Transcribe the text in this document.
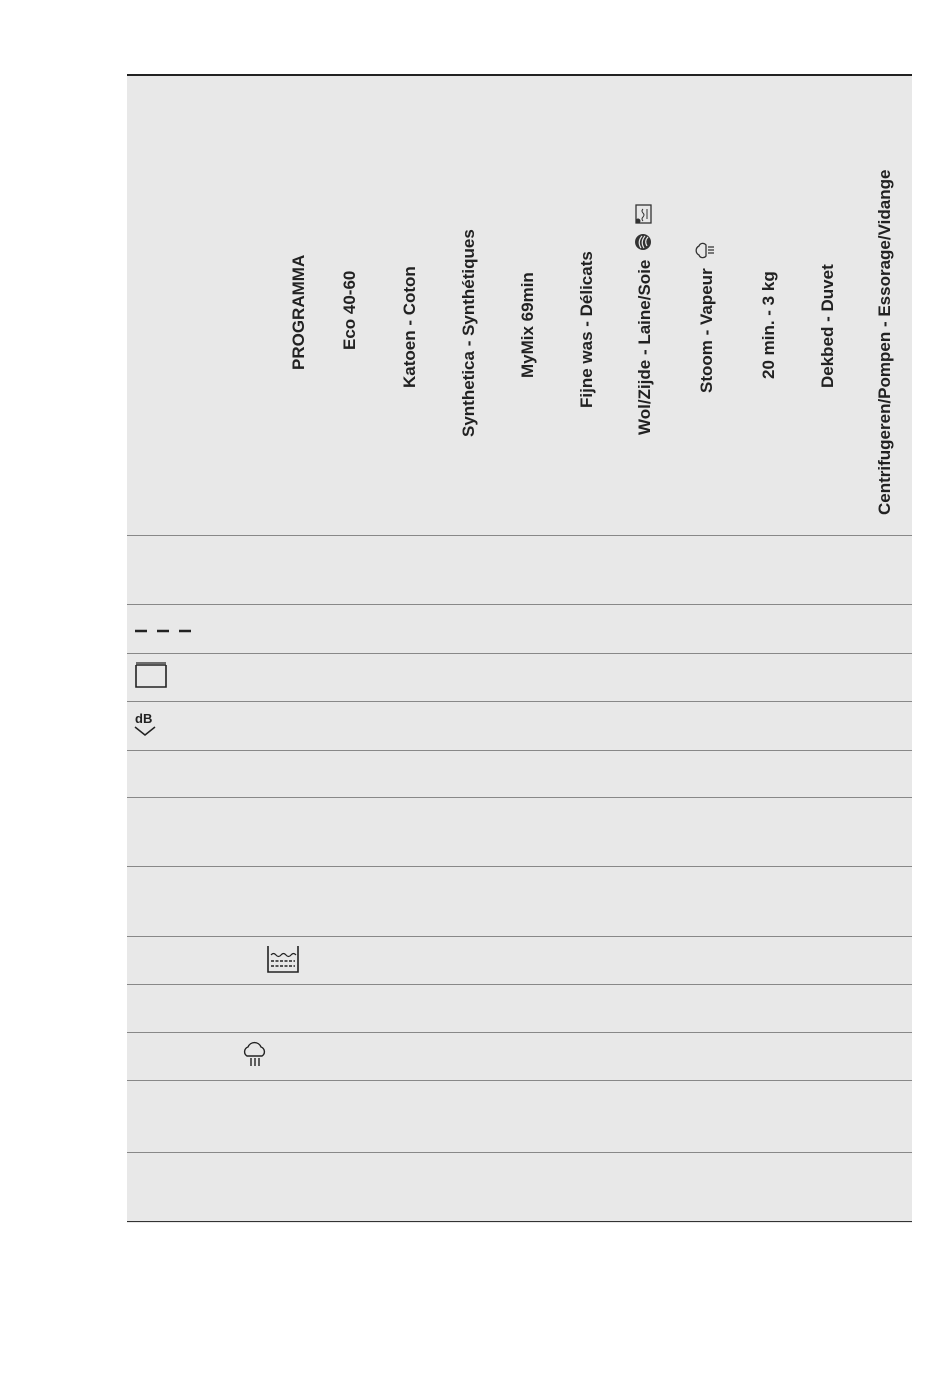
PROGRAMMA Eco 40-60 Katoen - Coton Synthetica - Synthétiques MyMix 69min Fijne was - Délicats Wol/Zijde - Laine/Soie	Stoom - Vapeur	20 min. - 3 kg Dekbed - Duvet Centrifugeren/Pompen - Essorage/Vidange
dB
